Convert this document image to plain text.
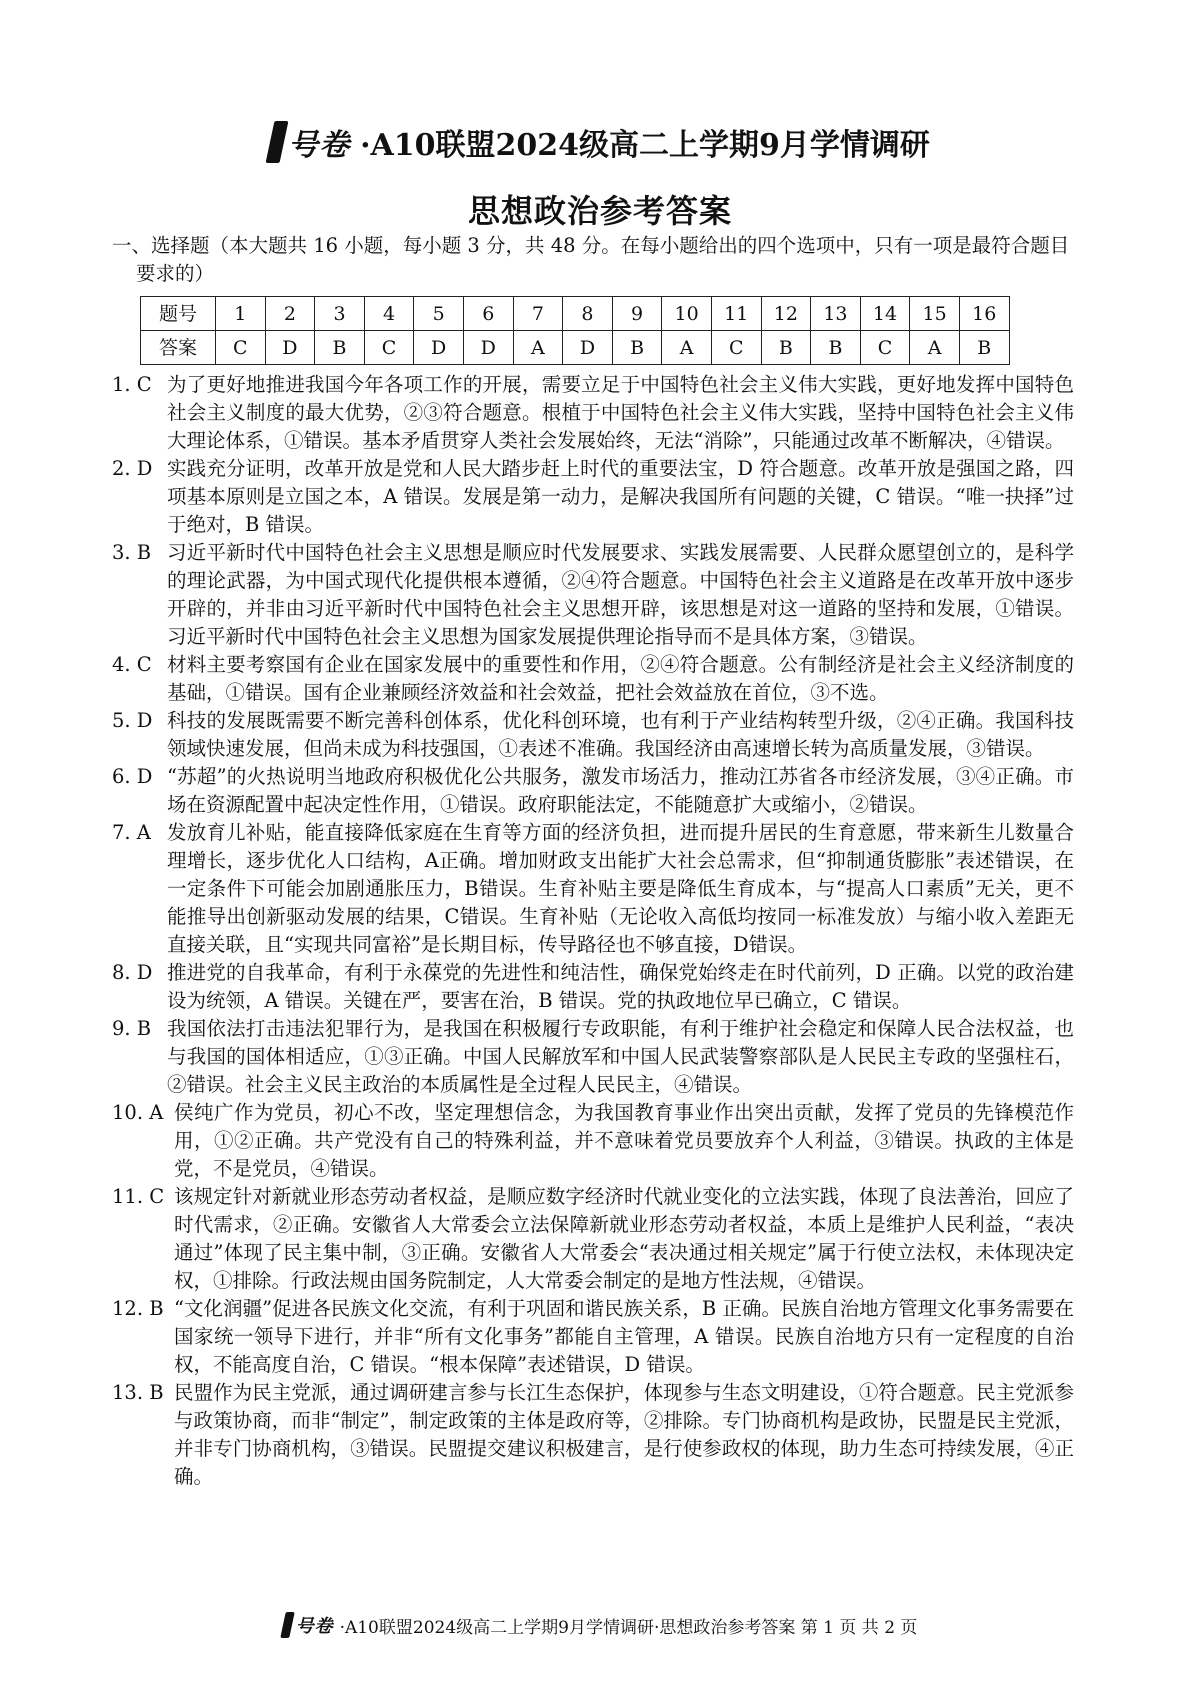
号卷 ·A10联盟2024级高二上学期9月学情调研
思想政治参考答案
一、选择题（本大题共 16 小题，每小题 3 分，共 48 分。在每小题给出的四个选项中，只有一项是最符合题目要求的）
题号	1	2	3	4	5	6	7	8	9	10	11	12	13	14	15	16
答案	C	D	B	C	D	D	A	D	B	A	C	B	B	C	A	B
1. C 为了更好地推进我国今年各项工作的开展，需要立足于中国特色社会主义伟大实践，更好地发挥中国特色社会主义制度的最大优势，②③符合题意。根植于中国特色社会主义伟大实践，坚持中国特色社会主义伟大理论体系，①错误。基本矛盾贯穿人类社会发展始终，无法“消除”，只能通过改革不断解决，④错误。
2. D 实践充分证明，改革开放是党和人民大踏步赶上时代的重要法宝，D 符合题意。改革开放是强国之路，四项基本原则是立国之本，A 错误。发展是第一动力，是解决我国所有问题的关键，C 错误。“唯一抉择”过于绝对，B 错误。
3. B 习近平新时代中国特色社会主义思想是顺应时代发展要求、实践发展需要、人民群众愿望创立的，是科学的理论武器，为中国式现代化提供根本遵循，②④符合题意。中国特色社会主义道路是在改革开放中逐步开辟的，并非由习近平新时代中国特色社会主义思想开辟，该思想是对这一道路的坚持和发展，①错误。习近平新时代中国特色社会主义思想为国家发展提供理论指导而不是具体方案，③错误。
4. C 材料主要考察国有企业在国家发展中的重要性和作用，②④符合题意。公有制经济是社会主义经济制度的基础，①错误。国有企业兼顾经济效益和社会效益，把社会效益放在首位，③不选。
5. D 科技的发展既需要不断完善科创体系，优化科创环境，也有利于产业结构转型升级，②④正确。我国科技领域快速发展，但尚未成为科技强国，①表述不准确。我国经济由高速增长转为高质量发展，③错误。
6. D “苏超”的火热说明当地政府积极优化公共服务，激发市场活力，推动江苏省各市经济发展，③④正确。市场在资源配置中起决定性作用，①错误。政府职能法定，不能随意扩大或缩小，②错误。
7. A 发放育儿补贴，能直接降低家庭在生育等方面的经济负担，进而提升居民的生育意愿，带来新生儿数量合理增长，逐步优化人口结构，A正确。增加财政支出能扩大社会总需求，但“抑制通货膨胀”表述错误，在一定条件下可能会加剧通胀压力，B错误。生育补贴主要是降低生育成本，与“提高人口素质”无关，更不能推导出创新驱动发展的结果，C错误。生育补贴（无论收入高低均按同一标准发放）与缩小收入差距无直接关联，且“实现共同富裕”是长期目标，传导路径也不够直接，D错误。
8. D 推进党的自我革命，有利于永葆党的先进性和纯洁性，确保党始终走在时代前列，D 正确。以党的政治建设为统领，A 错误。关键在严，要害在治，B 错误。党的执政地位早已确立，C 错误。
9. B 我国依法打击违法犯罪行为，是我国在积极履行专政职能，有利于维护社会稳定和保障人民合法权益，也与我国的国体相适应，①③正确。中国人民解放军和中国人民武装警察部队是人民民主专政的坚强柱石，②错误。社会主义民主政治的本质属性是全过程人民民主，④错误。
10. A 侯纯广作为党员，初心不改，坚定理想信念，为我国教育事业作出突出贡献，发挥了党员的先锋模范作用，①②正确。共产党没有自己的特殊利益，并不意味着党员要放弃个人利益，③错误。执政的主体是党，不是党员，④错误。
11. C 该规定针对新就业形态劳动者权益，是顺应数字经济时代就业变化的立法实践，体现了良法善治，回应了时代需求，②正确。安徽省人大常委会立法保障新就业形态劳动者权益，本质上是维护人民利益，“表决通过”体现了民主集中制，③正确。安徽省人大常委会“表决通过相关规定”属于行使立法权，未体现决定权，①排除。行政法规由国务院制定，人大常委会制定的是地方性法规，④错误。
12. B “文化润疆”促进各民族文化交流，有利于巩固和谐民族关系，B 正确。民族自治地方管理文化事务需要在国家统一领导下进行，并非“所有文化事务”都能自主管理，A 错误。民族自治地方只有一定程度的自治权，不能高度自治，C 错误。“根本保障”表述错误，D 错误。
13. B 民盟作为民主党派，通过调研建言参与长江生态保护，体现参与生态文明建设，①符合题意。民主党派参与政策协商，而非“制定”，制定政策的主体是政府等，②排除。专门协商机构是政协，民盟是民主党派，并非专门协商机构，③错误。民盟提交建议积极建言，是行使参政权的体现，助力生态可持续发展，④正确。
号卷 ·A10联盟2024级高二上学期9月学情调研·思想政治参考答案 第 1 页 共 2 页
